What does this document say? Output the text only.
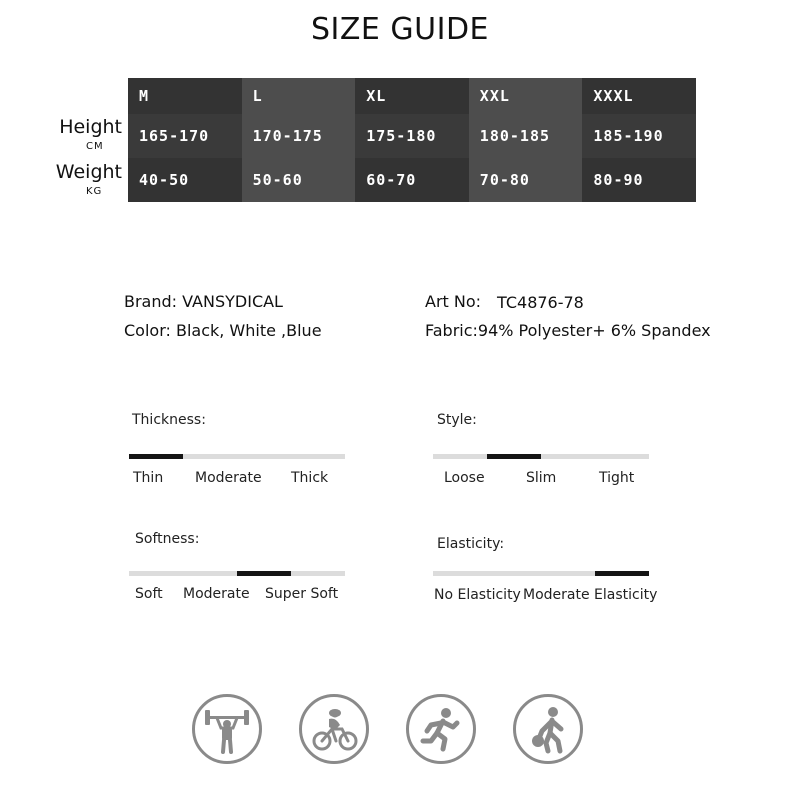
SIZE GUIDE
Height
CM
Weight
KG
M	L	XL	XXL	XXXL
165-170	170-175	175-180	180-185	185-190
40-50	50-60	60-70	70-80	80-90
Brand: VANSYDICAL
Color: Black, White ,Blue
Art No: TC4876-78
Fabric:94% Polyester+ 6% Spandex
Thickness:
Thin Moderate Thick
Style:
Loose	Slim	Tight
Softness:
Soft Moderate Super Soft
Elasticity:
No Elasticity Moderate Elasticity
